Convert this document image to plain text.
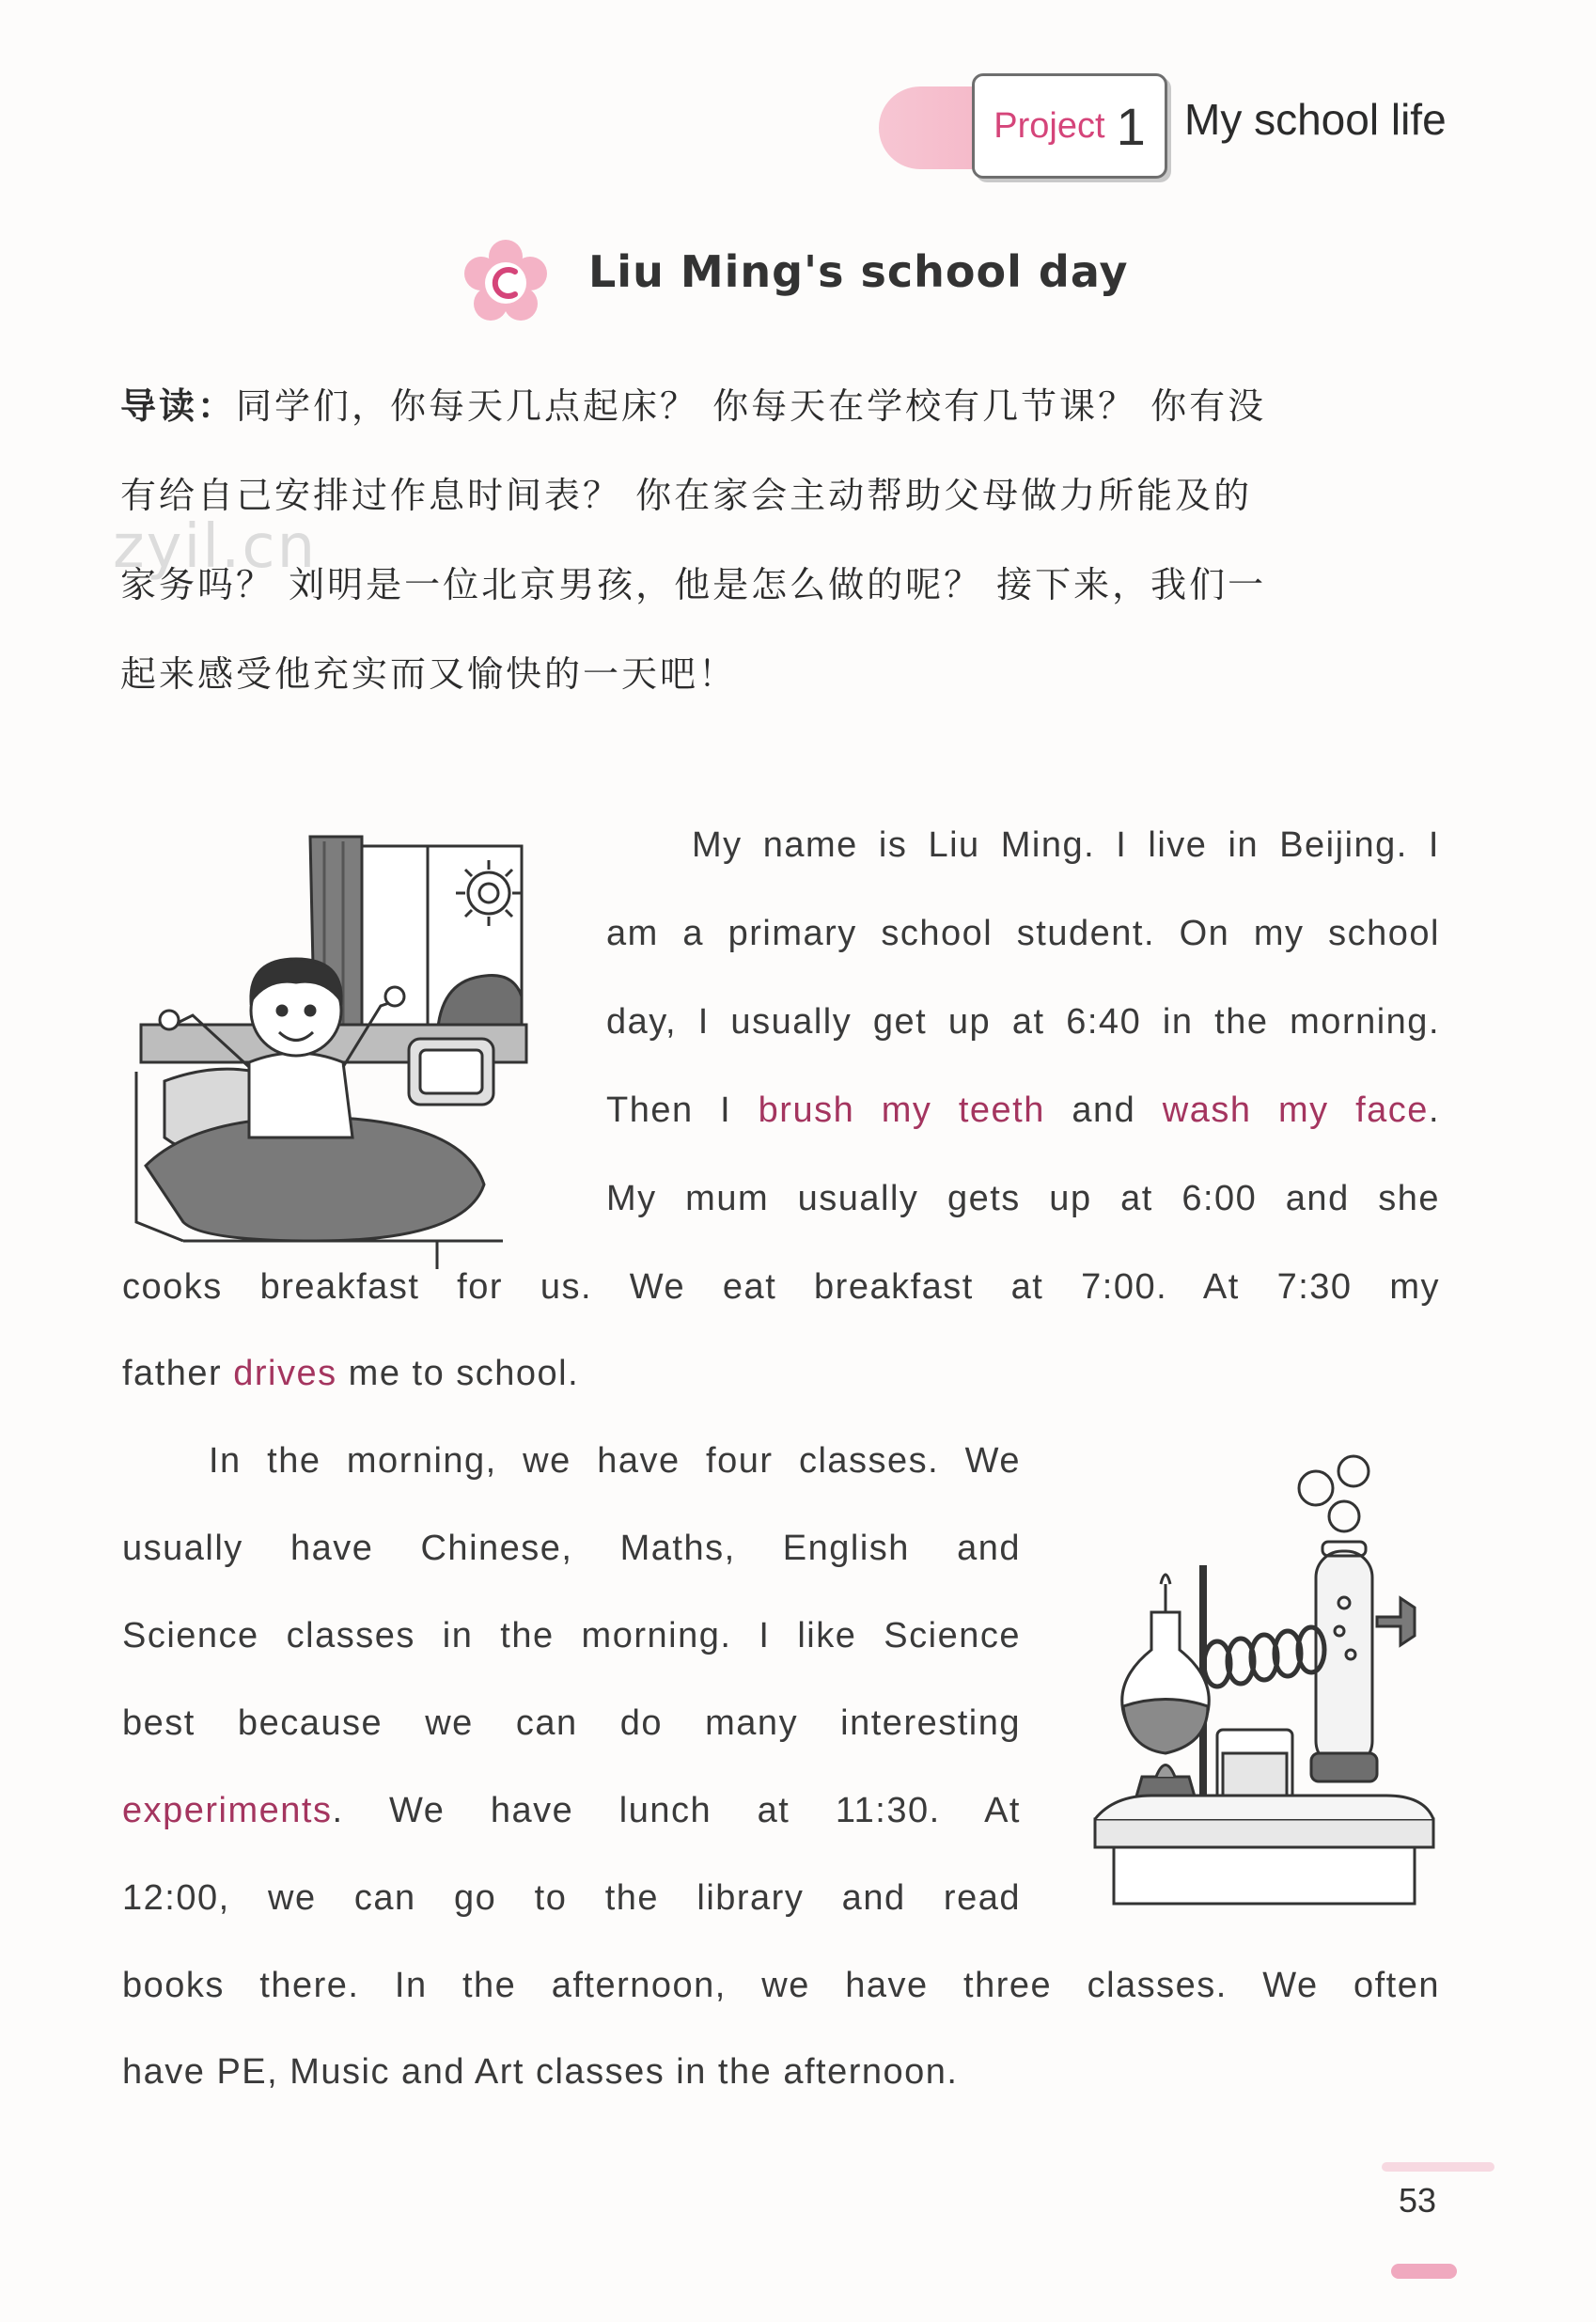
Project 1 My school life
Liu Ming's school day
导读：同学们，你每天几点起床？ 你每天在学校有几节课？ 你有没
有给自己安排过作息时间表？ 你在家会主动帮助父母做力所能及的
家务吗？ 刘明是一位北京男孩，他是怎么做的呢？ 接下来，我们一
起来感受他充实而又愉快的一天吧！
zyil.cn
My name is Liu Ming. I live in Beijing. I
am a primary school student. On my school
day, I usually get up at 6:40 in the morning.
Then I brush my teeth and wash my face.
My mum usually gets up at 6:00 and she
cooks breakfast for us. We eat breakfast at 7:00. At 7:30 my
father drives me to school.
In the morning, we have four classes. We
usually have Chinese, Maths, English and
Science classes in the morning. I like Science
best because we can do many interesting
experiments. We have lunch at 11:30. At
12:00, we can go to the library and read
books there. In the afternoon, we have three classes. We often
have PE, Music and Art classes in the afternoon.
53
